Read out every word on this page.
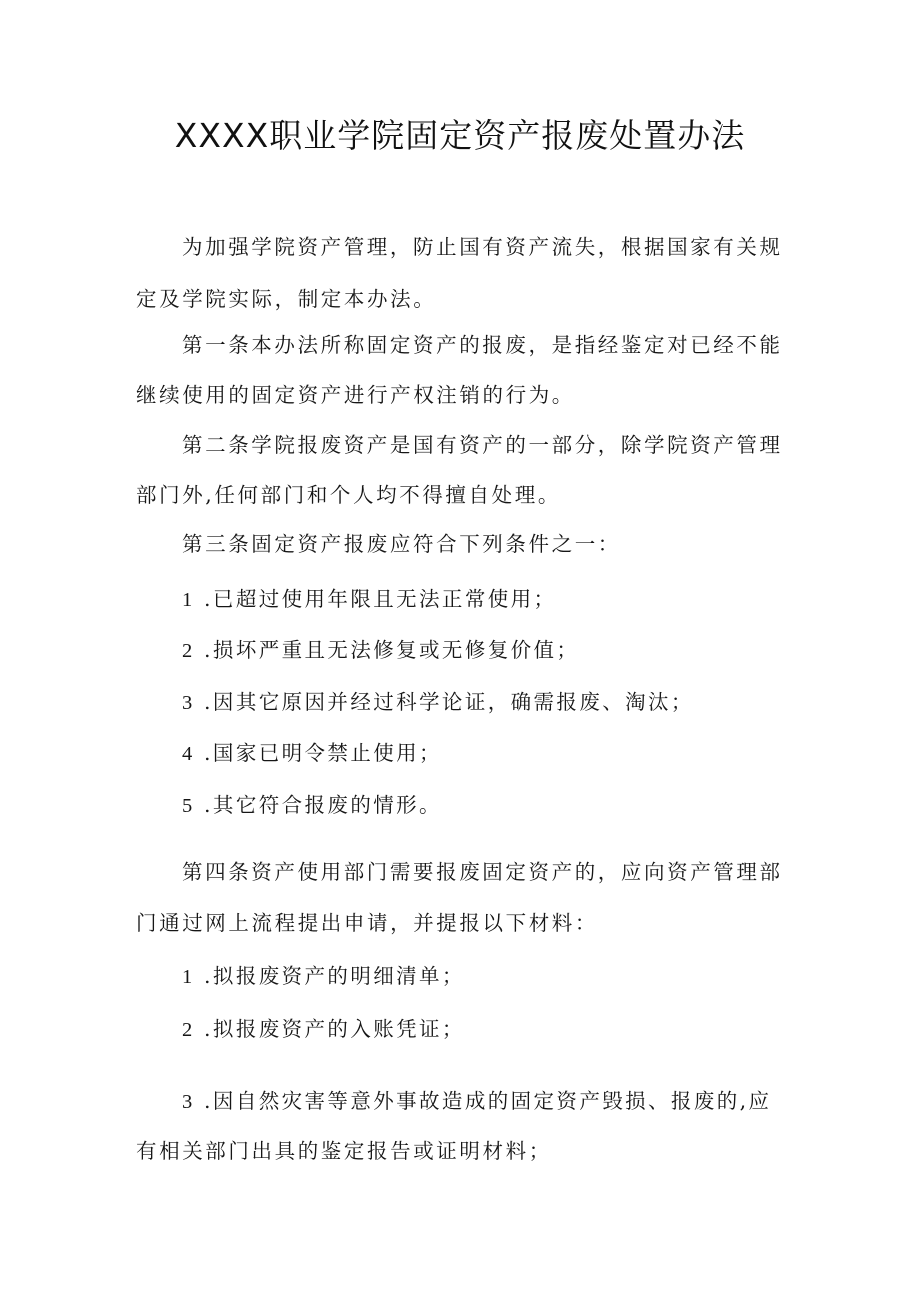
XXXX职业学院固定资产报废处置办法
为加强学院资产管理，防止国有资产流失，根据国家有关规
定及学院实际，制定本办法。
第一条本办法所称固定资产的报废，是指经鉴定对已经不能
继续使用的固定资产进行产权注销的行为。
第二条学院报废资产是国有资产的一部分，除学院资产管理
部门外,任何部门和个人均不得擅自处理。
第三条固定资产报废应符合下列条件之一：
1 .已超过使用年限且无法正常使用；
2 .损坏严重且无法修复或无修复价值；
3 .因其它原因并经过科学论证，确需报废、淘汰；
4 .国家已明令禁止使用；
5 .其它符合报废的情形。
第四条资产使用部门需要报废固定资产的，应向资产管理部
门通过网上流程提出申请，并提报以下材料：
1 .拟报废资产的明细清单；
2 .拟报废资产的入账凭证；
3 .因自然灾害等意外事故造成的固定资产毁损、报废的,应
有相关部门出具的鉴定报告或证明材料；
